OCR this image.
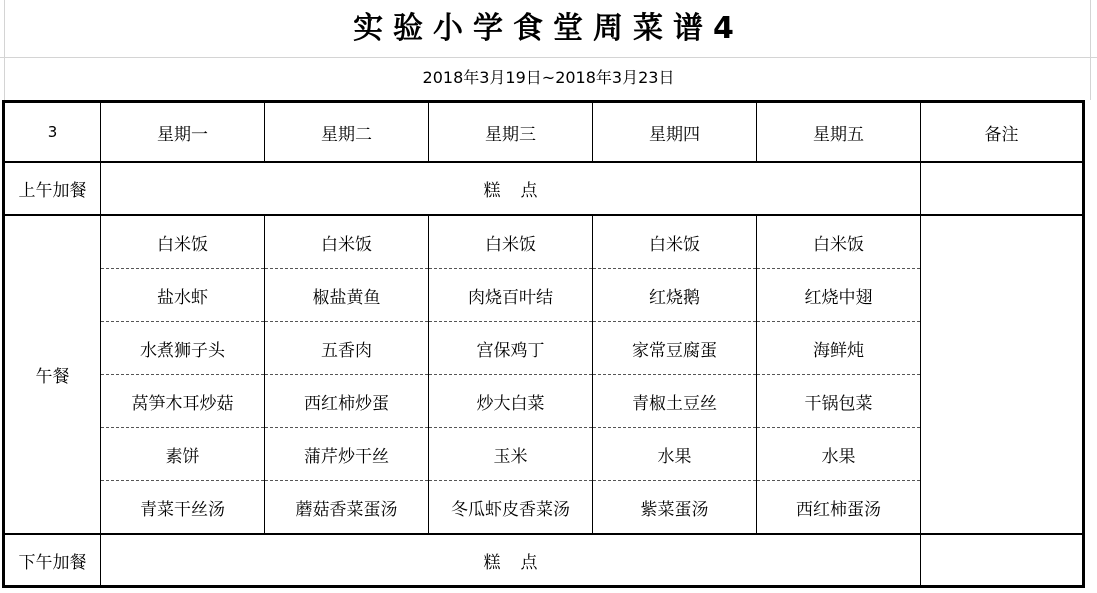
实验小学食堂周菜谱4
2018年3月19日~2018年3月23日
3	星期一	星期二	星期三	星期四	星期五	备注
上午加餐	糕点					
午餐	白米饭	白米饭	白米饭	白米饭	白米饭	
	盐水虾	椒盐黄鱼	肉烧百叶结	红烧鹅	红烧中翅	
	水煮狮子头	五香肉	宫保鸡丁	家常豆腐蛋	海鲜炖	
	莴笋木耳炒菇	西红柿炒蛋	炒大白菜	青椒土豆丝	干锅包菜	
	素饼	蒲芹炒干丝	玉米	水果	水果	
	青菜干丝汤	蘑菇香菜蛋汤	冬瓜虾皮香菜汤	紫菜蛋汤	西红柿蛋汤	
下午加餐	糕点					
